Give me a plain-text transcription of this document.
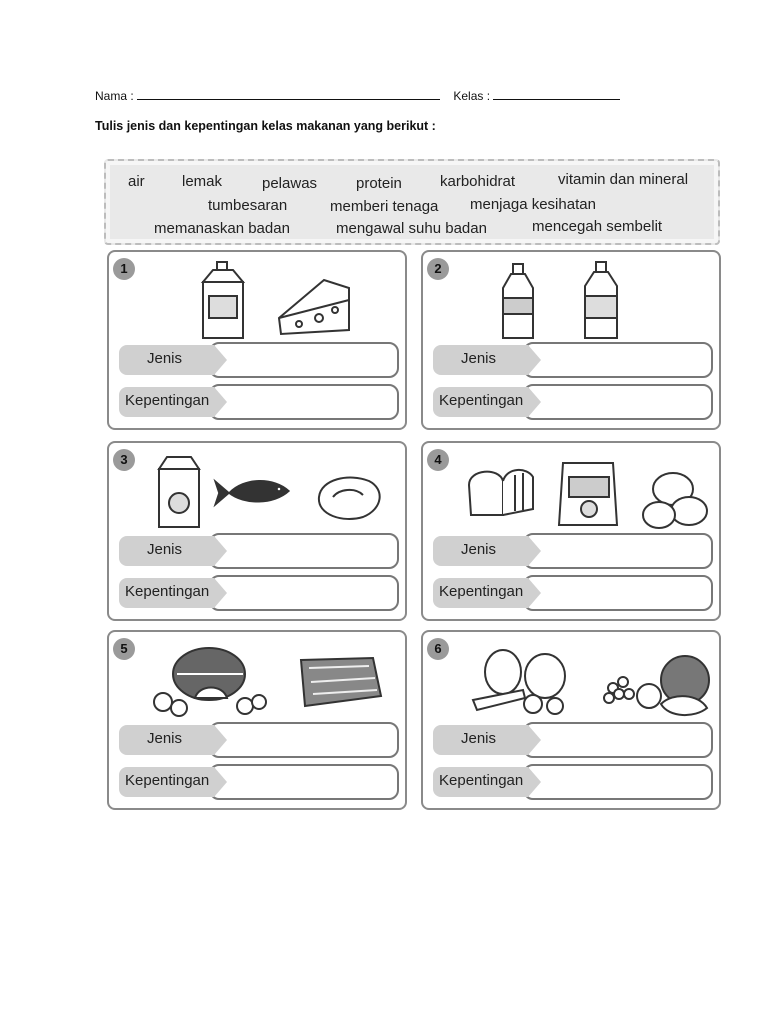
Nama :	Kelas :
Tulis jenis dan kepentingan kelas makanan yang berikut :
air lemak	pelawas	protein	karbohidrat	vitamin dan mineral
tumbesaran	memberi tenaga menjaga kesihatan
memanaskan badan	mengawal suhu badan	mencegah sembelit
1
Jenis
Kepentingan
2
Jenis
Kepentingan
3
Jenis
Kepentingan
4
Jenis
Kepentingan
5
Jenis
Kepentingan
6
Jenis
Kepentingan
